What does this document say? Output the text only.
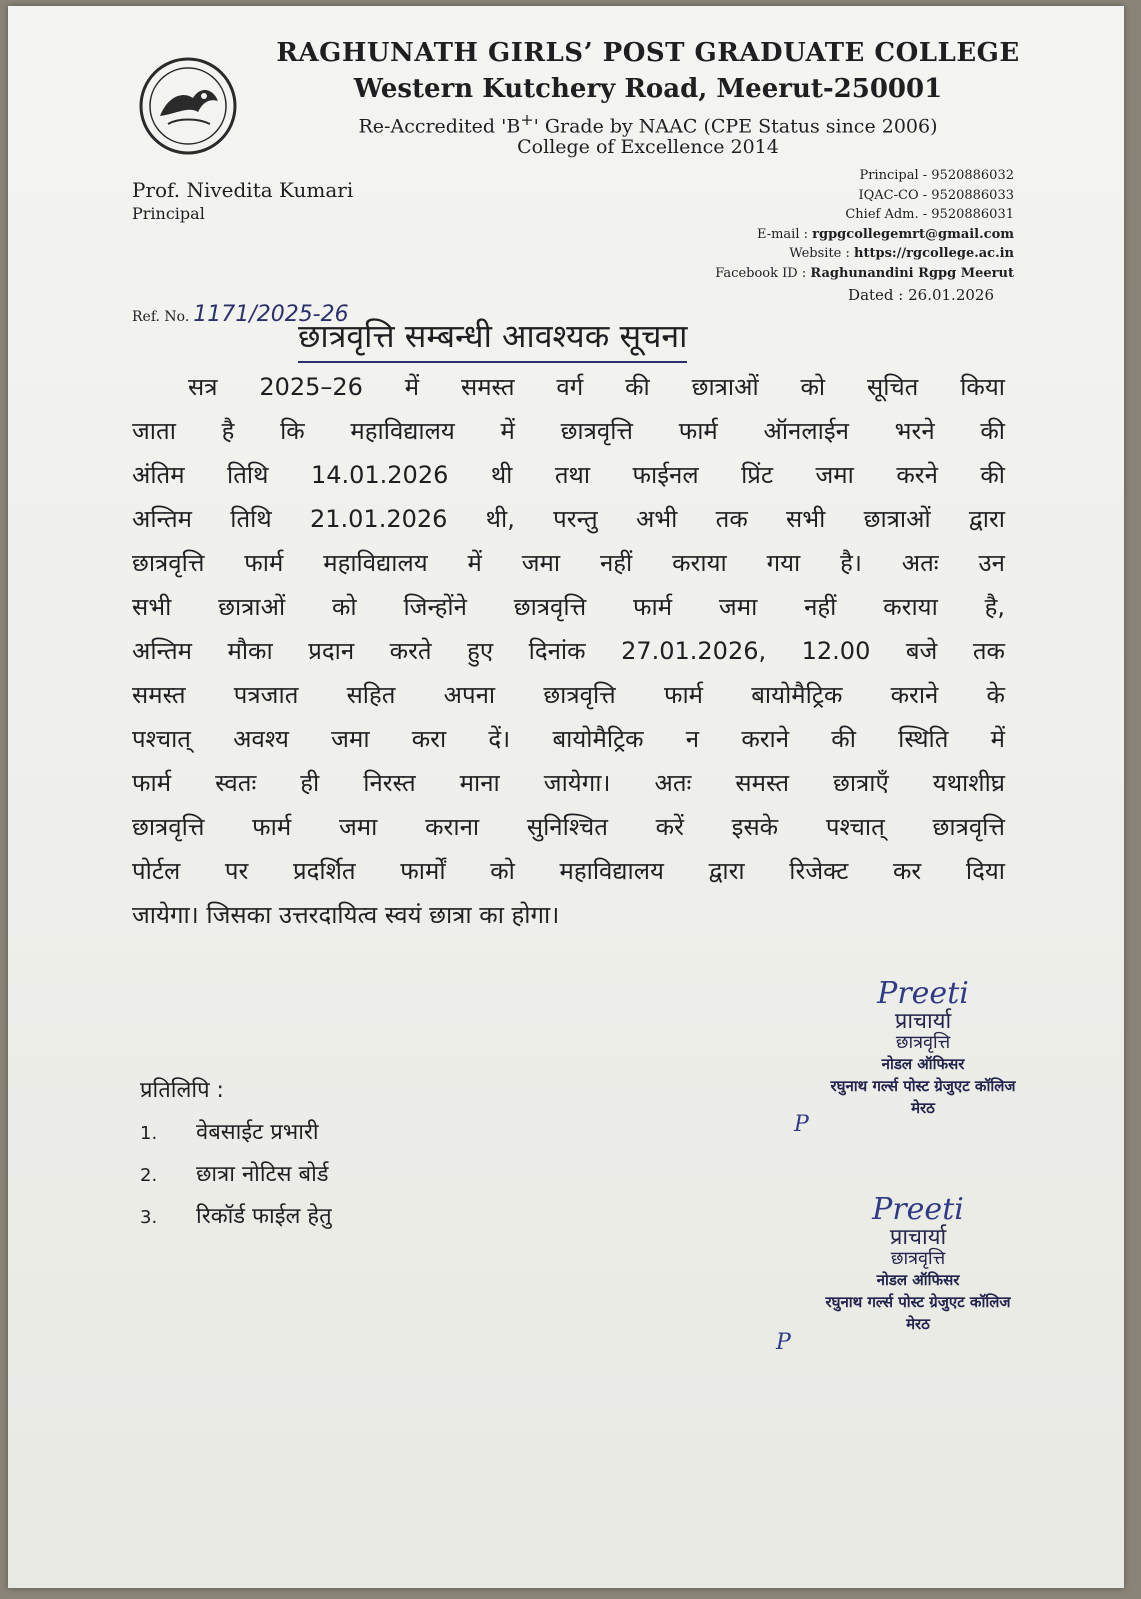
RAGHUNATH GIRLS’ POST GRADUATE COLLEGE
Western Kutchery Road, Meerut-250001
Re-Accredited 'B+' Grade by NAAC (CPE Status since 2006)
College of Excellence 2014
Prof. Nivedita Kumari
Principal
Principal - 9520886032
IQAC-CO - 9520886033
Chief Adm. - 9520886031
E-mail : rgpgcollegemrt@gmail.com
Website : https://rgcollege.ac.in
Facebook ID : Raghunandini Rgpg Meerut
Ref. No. 1171/2025-26
Dated : 26.01.2026
छात्रवृत्ति सम्बन्धी आवश्यक सूचना
सत्र 2025–26 में समस्त वर्ग की छात्राओं को सूचित किया
जाता है कि महाविद्यालय में छात्रवृत्ति फार्म ऑनलाईन भरने की
अंतिम तिथि 14.01.2026 थी तथा फाईनल प्रिंट जमा करने की
अन्तिम तिथि 21.01.2026 थी, परन्तु अभी तक सभी छात्राओं द्वारा
छात्रवृत्ति फार्म महाविद्यालय में जमा नहीं कराया गया है। अतः उन
सभी छात्राओं को जिन्होंने छात्रवृत्ति फार्म जमा नहीं कराया है,
अन्तिम मौका प्रदान करते हुए दिनांक 27.01.2026, 12.00 बजे तक
समस्त पत्रजात सहित अपना छात्रवृत्ति फार्म बायोमैट्रिक कराने के
पश्चात् अवश्य जमा करा दें। बायोमैट्रिक न कराने की स्थिति में
फार्म स्वतः ही निरस्त माना जायेगा। अतः समस्त छात्राएँ यथाशीघ्र
छात्रवृत्ति फार्म जमा कराना सुनिश्चित करें इसके पश्चात् छात्रवृत्ति
पोर्टल पर प्रदर्शित फार्मों को महाविद्यालय द्वारा रिजेक्ट कर दिया
जायेगा। जिसका उत्तरदायित्व स्वयं छात्रा का होगा।
Preeti
प्राचार्या
छात्रवृत्ति
नोडल ऑफिसर
रघुनाथ गर्ल्स पोस्ट ग्रेजुएट कॉलिज
मेरठ
P
Preeti
प्राचार्या
छात्रवृत्ति
नोडल ऑफिसर
रघुनाथ गर्ल्स पोस्ट ग्रेजुएट कॉलिज
मेरठ
P
प्रतिलिपि :
1. वेबसाईट प्रभारी
2. छात्रा नोटिस बोर्ड
3. रिकॉर्ड फाईल हेतु
